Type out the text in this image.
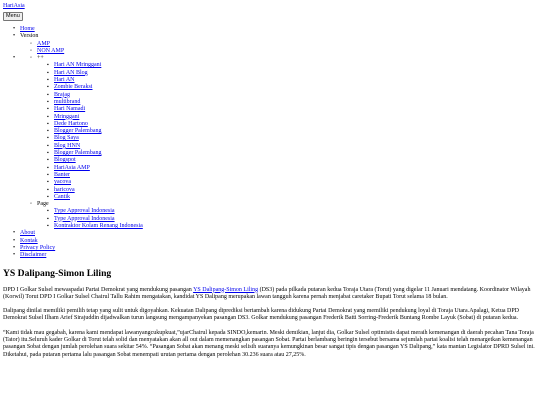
HariAsia
Menu
• Home
• Version
◦ AMP
◦ NON AMP
◦ • ++
▪ Hari AN Mringgani
▪ Hari AN Blog
▪ Hari AN
▪ Zombie Beraksi
▪ Brajag
▪ multibrand
▪ Hari Namadi
▪ Mringgani
▪ Dede Hartono
▪ Blogger Palembang
▪ Blog Saya
▪ Blog HNN
▪ Blogger Palembang
▪ Blogspot
▪ HariAsia AMP
▪ Banter
▪ yacova
▪ haricova
▪ Cantik
◦ Page
▪ Type Approval Indonesia
▪ Type Approval Indonesia
▪ Kontraktor Kolam Renang Indonesia
• About
• Kontak
• Privacy Policy
• Disclaimer
YS Dalipang-Simon Liling

DPD I Golkar Sulsel mewaspadai Partai Demokrat yang mendukung pasangan YS Dalipang-Simon Liling (DS3) pada pilkada putaran kedua Toraja Utara (Torut) yang digelar 11 Januari mendatang. Koordinator Wilayah (Korwil) Torut DPD I Golkar Sulsel Chairul Tallu Rahim mengatakan, kandidat YS Dalipang merupakan lawan tangguh karena pernah menjabat caretaker Bupati Torut selama 18 bulan.

Dalipang dinilai memiliki pemilih tetap yang sulit untuk digoyahkan. Kekuatan Dalipang diprediksi bertambah karena didukung Partai Demokrat yang memiliki pendukung loyal di Toraja Utara.Apalagi, Ketua DPD Demokrat Sulsel Ilham Arief Sirajuddin dijadwalkan turun langsung mengampanyekan pasangan DS3. Golkar mendukung pasangan Frederik Batti Sorring-Frederik Buntang Rombe Layuk (Sobat) di putaran kedua.

“Kami tidak mau gegabah, karena kami mendapat lawanyangcukupkuat,”ujarChairul kepada SINDO,kemarin. Meski demikian, lanjut dia, Golkar Sulsel optimistis dapat meraih kemenangan di daerah pecahan Tana Toraja (Tator) itu.Seluruh kader Golkar di Torut telah solid dan menyatakan akan all out dalam memenangkan pasangan Sobat. Partai berlambang beringin tersebut bersama sejumlah partai koalisi telah menargetkan kemenangan pasangan Sobat dengan jumlah perolehan suara sekitar 54%. “Pasangan Sobat akan menang meski selisih suaranya kemungkinan besar sangat tipis dengan pasangan YS Dalipang,” kata mantan Legislator DPRD Sulsel ini. Diketahui, pada putaran pertama lalu pasangan Sobat menempati urutan pertama dengan perolehan 30.236 suara atau 27,25%.
